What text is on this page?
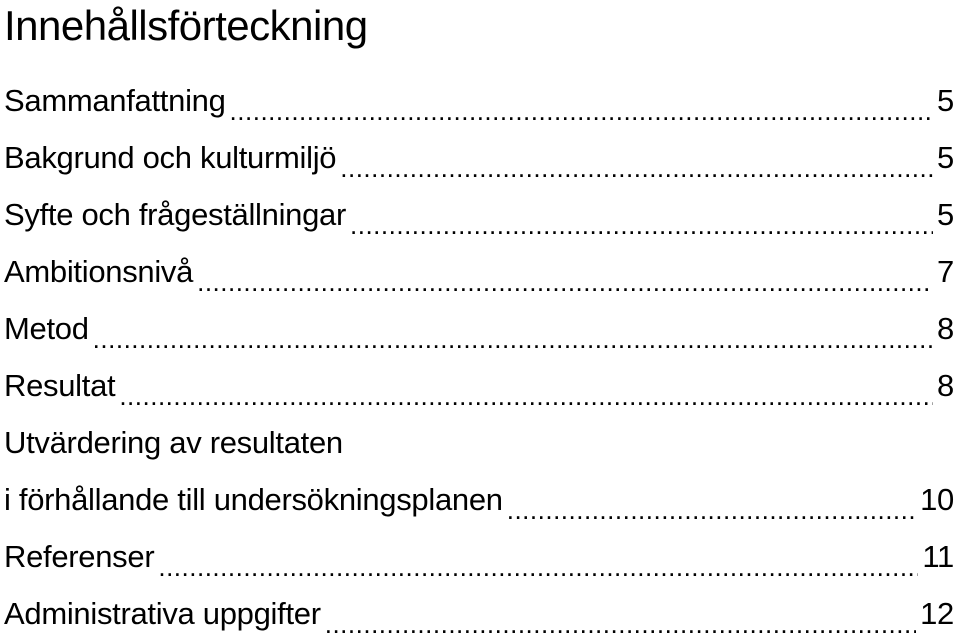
Innehållsförteckning
Sammanfattning .....	5
Bakgrund och kulturmiljö .....	5
Syfte och frågeställningar .....	5
Ambitionsnivå .....	7
Metod .....	8
Resultat .....	8
Utvärdering av resultaten
i förhållande till undersökningsplanen .....	10
Referenser .....	11
Administrativa uppgifter .....	12
